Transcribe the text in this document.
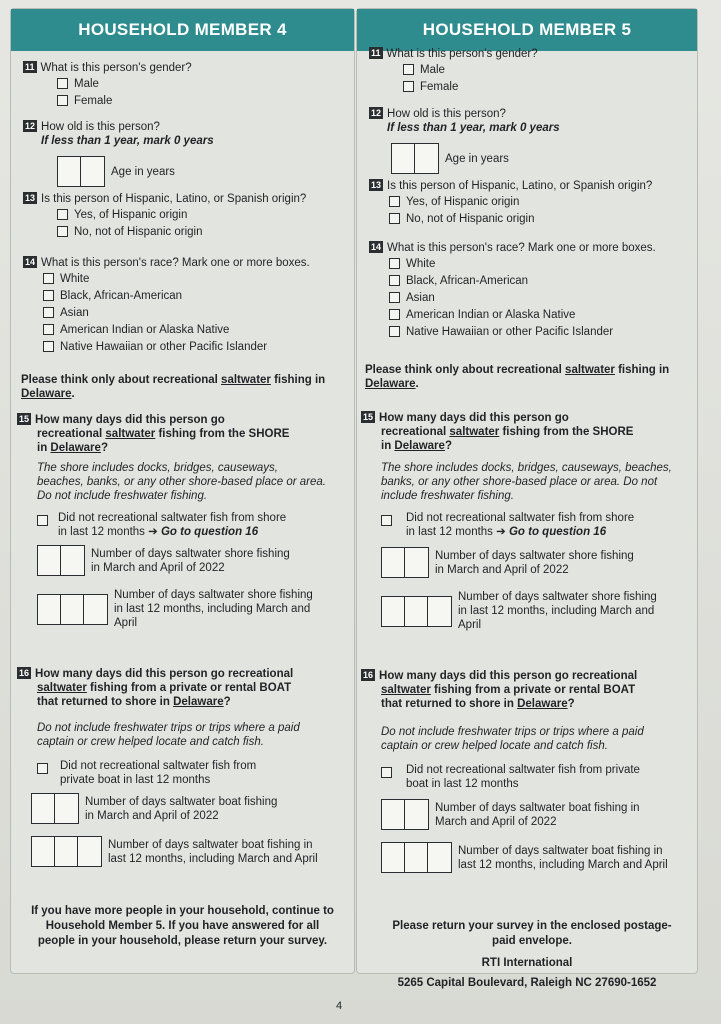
HOUSEHOLD MEMBER 4
11 What is this person's gender?
Male
Female
12 How old is this person?
If less than 1 year, mark 0 years
Age in years
13 Is this person of Hispanic, Latino, or Spanish origin?
Yes, of Hispanic origin
No, not of Hispanic origin
14 What is this person's race? Mark one or more boxes.
White
Black, African-American
Asian
American Indian or Alaska Native
Native Hawaiian or other Pacific Islander
Please think only about recreational saltwater fishing in Delaware.
15 How many days did this person go
recreational saltwater fishing from the SHORE
in Delaware?
The shore includes docks, bridges, causeways, beaches, banks, or any other shore-based place or area. Do not include freshwater fishing.
Did not recreational saltwater fish from shore
in last 12 months ➔ Go to question 16
Number of days saltwater shore fishing in March and April of 2022
Number of days saltwater shore fishing in last 12 months, including March and April
16 How many days did this person go recreational
saltwater fishing from a private or rental BOAT
that returned to shore in Delaware?
Do not include freshwater trips or trips where a paid captain or crew helped locate and catch fish.
Did not recreational saltwater fish from private boat in last 12 months
Number of days saltwater boat fishing in March and April of 2022
Number of days saltwater boat fishing in last 12 months, including March and April
If you have more people in your household, continue to Household Member 5. If you have answered for all people in your household, please return your survey.
HOUSEHOLD MEMBER 5
11 What is this person's gender?
Male
Female
12 How old is this person?
If less than 1 year, mark 0 years
Age in years
13 Is this person of Hispanic, Latino, or Spanish origin?
Yes, of Hispanic origin
No, not of Hispanic origin
14 What is this person's race? Mark one or more boxes.
White
Black, African-American
Asian
American Indian or Alaska Native
Native Hawaiian or other Pacific Islander
Please think only about recreational saltwater fishing in Delaware.
15 How many days did this person go
recreational saltwater fishing from the SHORE
in Delaware?
The shore includes docks, bridges, causeways, beaches, banks, or any other shore-based place or area. Do not include freshwater fishing.
Did not recreational saltwater fish from shore
in last 12 months ➔ Go to question 16
Number of days saltwater shore fishing in March and April of 2022
Number of days saltwater shore fishing in last 12 months, including March and April
16 How many days did this person go recreational
saltwater fishing from a private or rental BOAT
that returned to shore in Delaware?
Do not include freshwater trips or trips where a paid captain or crew helped locate and catch fish.
Did not recreational saltwater fish from private boat in last 12 months
Number of days saltwater boat fishing in March and April of 2022
Number of days saltwater boat fishing in last 12 months, including March and April
Please return your survey in the enclosed postage-paid envelope.
RTI International
5265 Capital Boulevard, Raleigh NC 27690-1652
4
